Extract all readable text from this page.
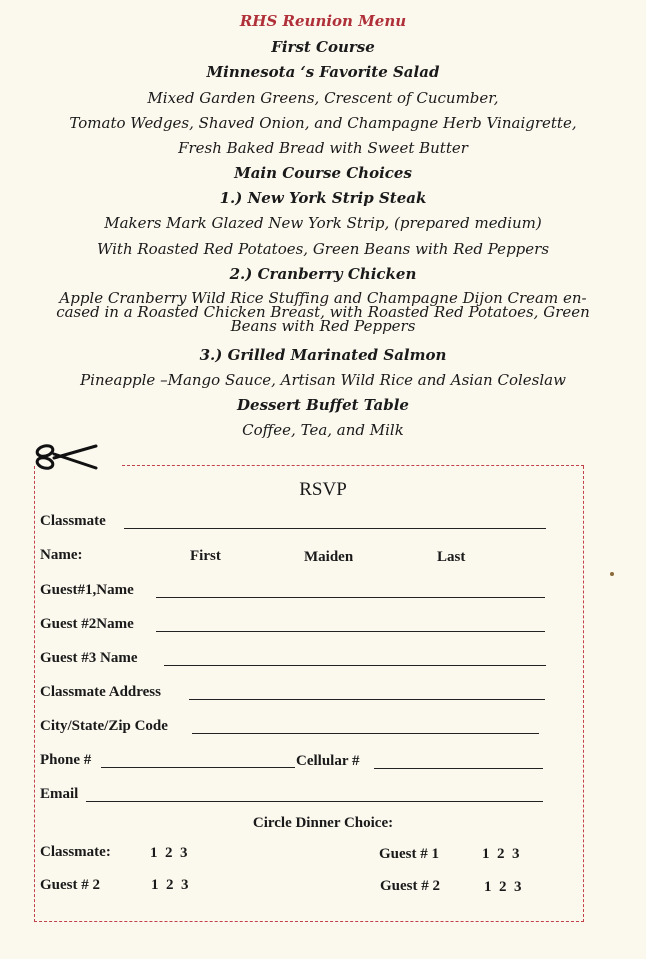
RHS Reunion Menu
First Course
Minnesota ‘s Favorite Salad
Mixed Garden Greens, Crescent of Cucumber,
Tomato Wedges, Shaved Onion, and Champagne Herb Vinaigrette,
Fresh Baked Bread with Sweet Butter
Main Course Choices
1.) New York Strip Steak
Makers Mark Glazed New York Strip, (prepared medium)
With Roasted Red Potatoes, Green Beans with Red Peppers
2.) Cranberry Chicken
Apple Cranberry Wild Rice Stuffing and Champagne Dijon Cream en-cased in a Roasted Chicken Breast, with Roasted Red Potatoes, Green Beans with Red Peppers
3.) Grilled Marinated Salmon
Pineapple –Mango Sauce, Artisan Wild Rice and Asian Coleslaw
Dessert Buffet Table
Coffee, Tea, and Milk
RSVP
Classmate
Name:	First	Maiden	Last
Guest#1,Name
Guest #2Name
Guest #3 Name
Classmate Address
City/State/Zip Code
Phone #	Cellular #
Email
Circle Dinner Choice:
Classmate:	1  2  3	Guest # 1	1  2  3
Guest # 2	1  2  3	Guest # 2	1  2  3
